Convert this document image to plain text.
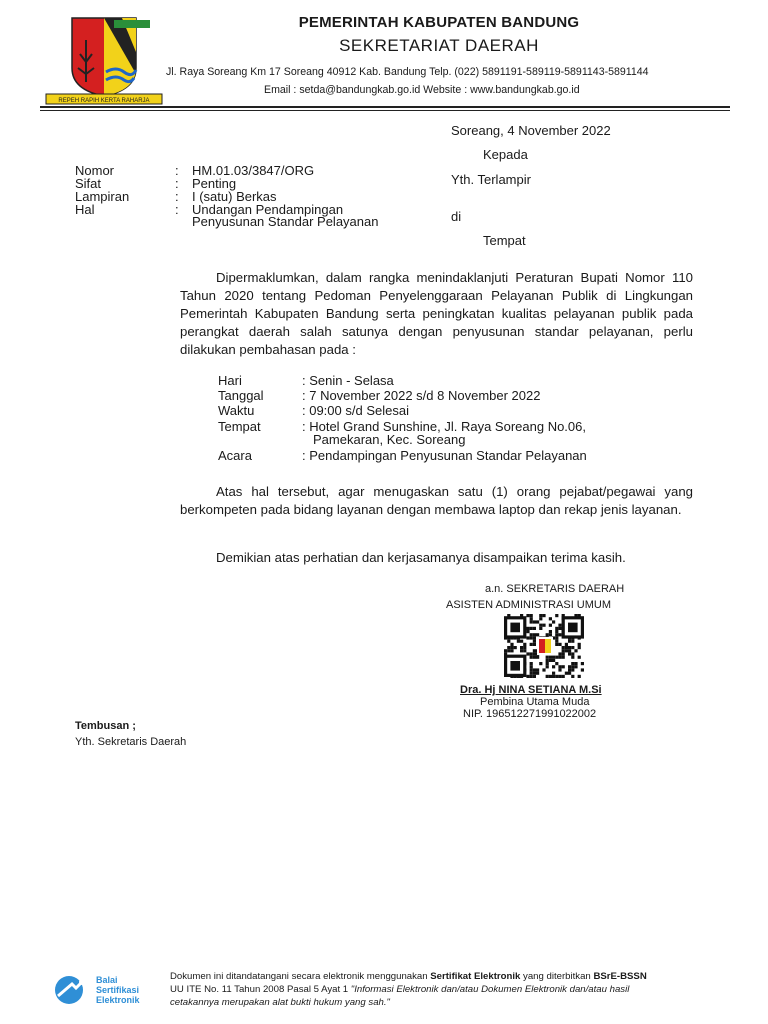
REPEH RAPIH KERTA RAHARJA
PEMERINTAH KABUPATEN BANDUNG
SEKRETARIAT DAERAH
Jl. Raya Soreang Km 17 Soreang 40912 Kab. Bandung Telp. (022) 5891191-589119-5891143-5891144
Email : setda@bandungkab.go.id Website : www.bandungkab.go.id
Soreang, 4 November 2022
Kepada
Yth. Terlampir
di
Tempat
Nomor	: HM.01.03/3847/ORG
Sifat	: Penting
Lampiran	: I (satu) Berkas
Hal	: Undangan Pendampingan
Penyusunan Standar Pelayanan
Dipermaklumkan, dalam rangka menindaklanjuti Peraturan Bupati Nomor 110 Tahun 2020 tentang Pedoman Penyelenggaraan Pelayanan Publik di Lingkungan Pemerintah Kabupaten Bandung serta peningkatan kualitas pelayanan publik pada perangkat daerah salah satunya dengan penyusunan standar pelayanan, perlu dilakukan pembahasan pada :
Hari	: Senin - Selasa
Tanggal	: 7 November 2022 s/d 8 November 2022
Waktu	: 09:00 s/d Selesai
Tempat	: Hotel Grand Sunshine, Jl. Raya Soreang No.06,
Pamekaran, Kec. Soreang
Acara	: Pendampingan Penyusunan Standar Pelayanan
Atas hal tersebut, agar menugaskan satu (1) orang pejabat/pegawai yang berkompeten pada bidang layanan dengan membawa laptop dan rekap jenis layanan.
Demikian atas perhatian dan kerjasamanya disampaikan terima kasih.
a.n. SEKRETARIS DAERAH
ASISTEN ADMINISTRASI UMUM
Dra. Hj NINA SETIANA M.Si
Pembina Utama Muda
NIP. 196512271991022002
Tembusan ;
Yth. Sekretaris Daerah
Balai
Sertifikasi
Elektronik
Dokumen ini ditandatangani secara elektronik menggunakan Sertifikat Elektronik yang diterbitkan BSrE-BSSN
UU ITE No. 11 Tahun 2008 Pasal 5 Ayat 1 "Informasi Elektronik dan/atau Dokumen Elektronik dan/atau hasil
cetakannya merupakan alat bukti hukum yang sah."
